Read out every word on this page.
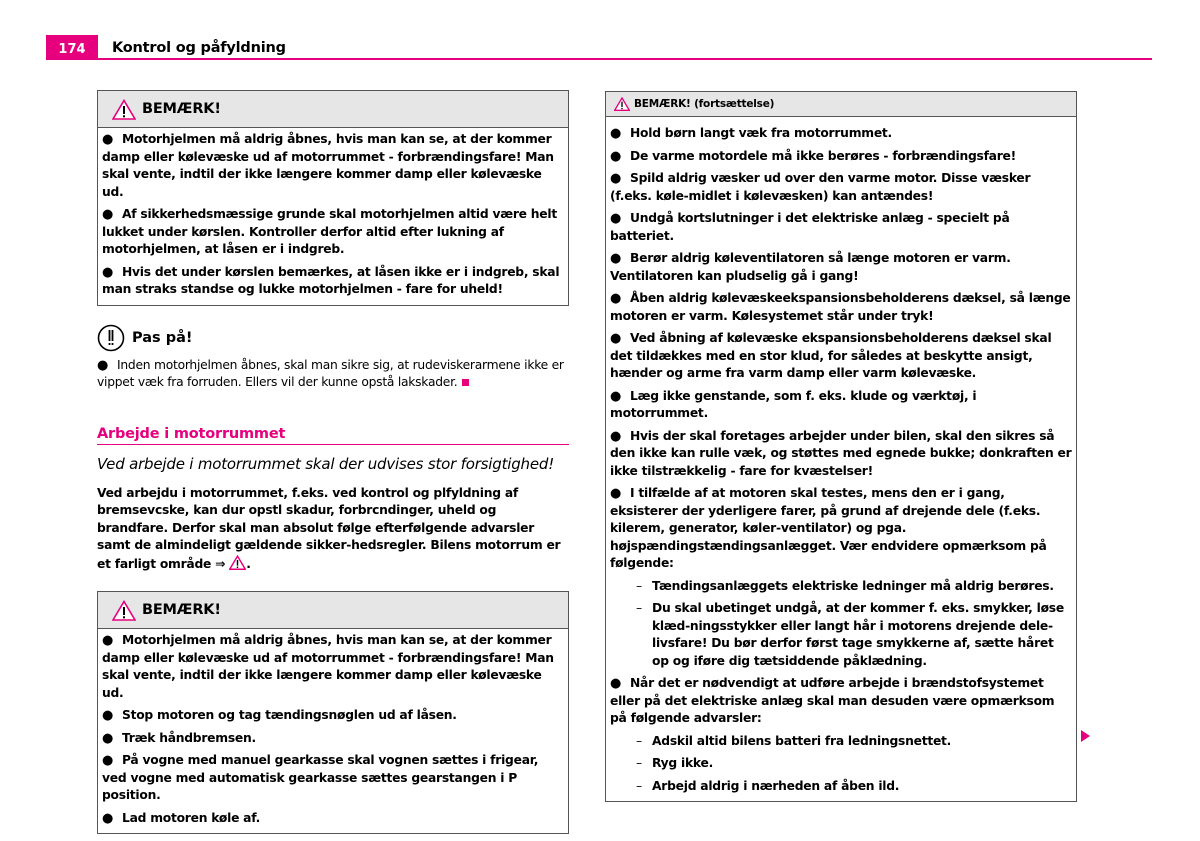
174	Kontrol og påfyldning
BEMÆRK!

● Motorhjelmen må aldrig åbnes, hvis man kan se, at der kommer damp eller kølevæske ud af motorrummet - forbrændingsfare! Man skal vente, indtil der ikke længere kommer damp eller kølevæske ud.

● Af sikkerhedsmæssige grunde skal motorhjelmen altid være helt lukket under kørslen. Kontroller derfor altid efter lukning af motorhjelmen, at låsen er i indgreb.

● Hvis det under kørslen bemærkes, at låsen ikke er i indgreb, skal man straks standse og lukke motorhjelmen - fare for uheld!

Pas på!
● Inden motorhjelmen åbnes, skal man sikre sig, at rudeviskerarmene ikke er vippet væk fra forruden. Ellers vil der kunne opstå lakskader.
Arbejde i motorrummet
Ved arbejde i motorrummet skal der udvises stor forsigtighed!
Ved arbejdu i motorrummet, f.eks. ved kontrol og plfyldning af bremsevcske, kan dur opstl skadur, forbrcndinger, uheld og brandfare. Derfor skal man absolut følge efterfølgende advarsler samt de almindeligt gældende sikker-hedsregler. Bilens motorrum er et farligt område ⇒ .
BEMÆRK!

● Motorhjelmen må aldrig åbnes, hvis man kan se, at der kommer damp eller kølevæske ud af motorrummet - forbrændingsfare! Man skal vente, indtil der ikke længere kommer damp eller kølevæske ud.

● Stop motoren og tag tændingsnøglen ud af låsen.

● Træk håndbremsen.

● På vogne med manuel gearkasse skal vognen sættes i frigear, ved vogne med automatisk gearkasse sættes gearstangen i P position.

● Lad motoren køle af.

BEMÆRK! (fortsættelse)

● Hold børn langt væk fra motorrummet.

● De varme motordele må ikke berøres - forbrændingsfare!

● Spild aldrig væsker ud over den varme motor. Disse væsker (f.eks. køle-midlet i kølevæsken) kan antændes!

● Undgå kortslutninger i det elektriske anlæg - specielt på batteriet.

● Berør aldrig køleventilatoren så længe motoren er varm. Ventilatoren kan pludselig gå i gang!

● Åben aldrig kølevæskeekspansionsbeholderens dæksel, så længe motoren er varm. Kølesystemet står under tryk!

● Ved åbning af kølevæske ekspansionsbeholderens dæksel skal det tildækkes med en stor klud, for således at beskytte ansigt, hænder og arme fra varm damp eller varm kølevæske.

● Læg ikke genstande, som f. eks. klude og værktøj, i motorrummet.

● Hvis der skal foretages arbejder under bilen, skal den sikres så den ikke kan rulle væk, og støttes med egnede bukke; donkraften er ikke tilstrækkelig - fare for kvæstelser!

● I tilfælde af at motoren skal testes, mens den er i gang, eksisterer der yderligere farer, på grund af drejende dele (f.eks. kilerem, generator, køler-ventilator) og pga. højspændingstændingsanlægget. Vær endvidere opmærksom på følgende:

– Tændingsanlæggets elektriske ledninger må aldrig berøres.

– Du skal ubetinget undgå, at der kommer f. eks. smykker, løse klæd-ningsstykker eller langt hår i motorens drejende dele- livsfare! Du bør derfor først tage smykkerne af, sætte håret op og iføre dig tætsiddende påklædning.

● Når det er nødvendigt at udføre arbejde i brændstofsystemet eller på det elektriske anlæg skal man desuden være opmærksom på følgende advarsler:

– Adskil altid bilens batteri fra ledningsnettet.

– Ryg ikke.

– Arbejd aldrig i nærheden af åben ild.
